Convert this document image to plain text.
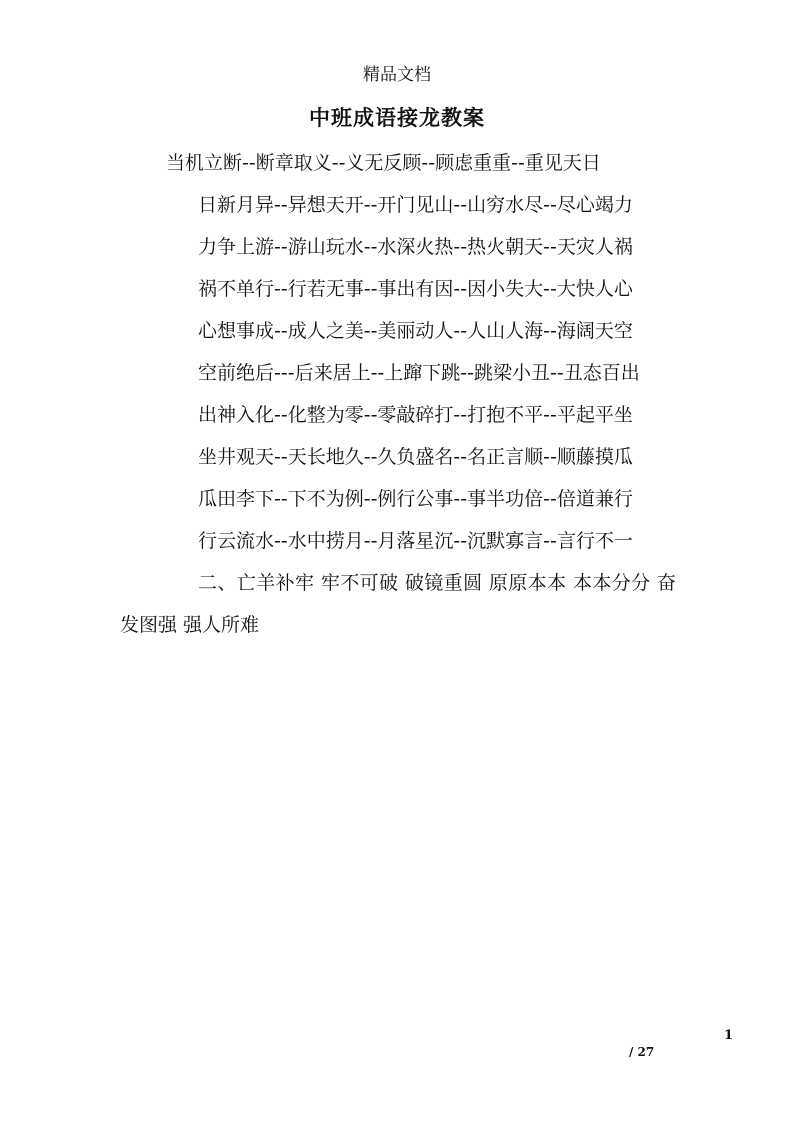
精品文档
中班成语接龙教案

当机立断--断章取义--义无反顾--顾虑重重--重见天日

日新月异--异想天开--开门见山--山穷水尽--尽心竭力

力争上游--游山玩水--水深火热--热火朝天--天灾人祸

祸不单行--行若无事--事出有因--因小失大--大快人心

心想事成--成人之美--美丽动人--人山人海--海阔天空

空前绝后---后来居上--上蹿下跳--跳梁小丑--丑态百出

出神入化--化整为零--零敲碎打--打抱不平--平起平坐

坐井观天--天长地久--久负盛名--名正言顺--顺藤摸瓜

瓜田李下--下不为例--例行公事--事半功倍--倍道兼行

行云流水--水中捞月--月落星沉--沉默寡言--言行不一

二、亡羊补牢 牢不可破 破镜重圆 原原本本 本本分分 奋发图强 强人所难

1
/ 27
